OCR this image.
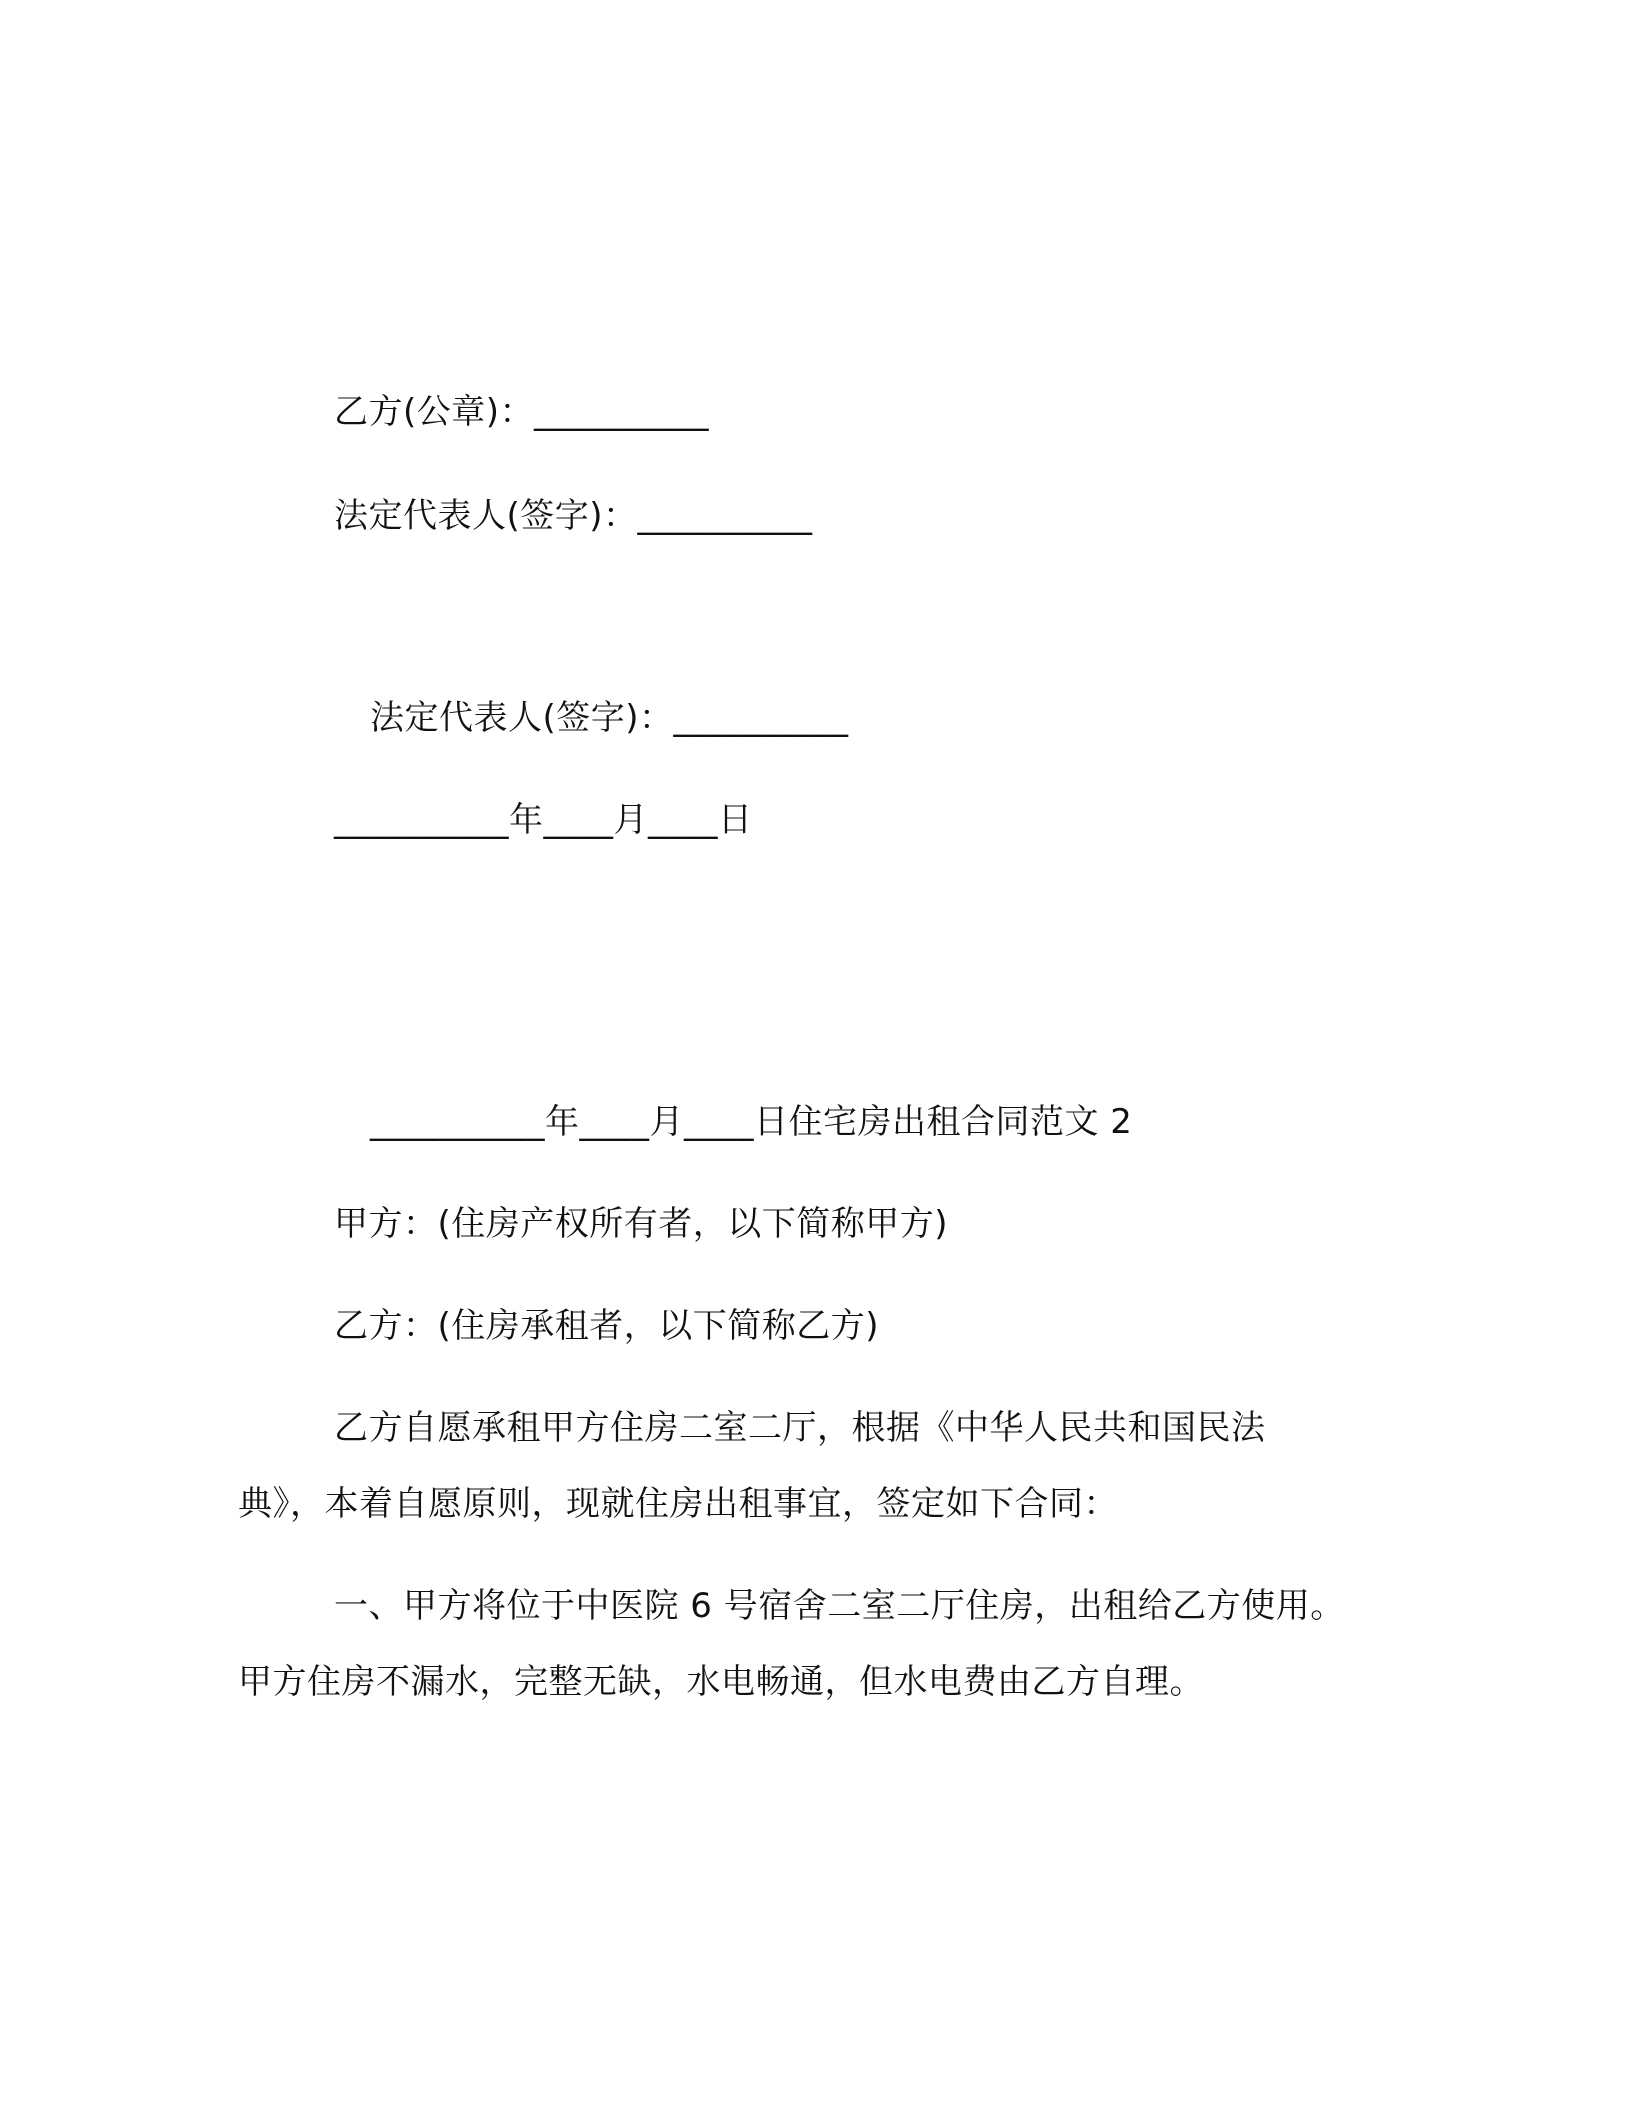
乙方(公章)：__________
法定代表人(签字)：__________
法定代表人(签字)：__________
__________年____月____日
__________年____月____日住宅房出租合同范文 2
甲方：(住房产权所有者，以下简称甲方)
乙方：(住房承租者，以下简称乙方)
乙方自愿承租甲方住房二室二厅，根据《中华人民共和国民法
典》，本着自愿原则，现就住房出租事宜，签定如下合同：
一、甲方将位于中医院 6 号宿舍二室二厅住房，出租给乙方使用。
甲方住房不漏水，完整无缺，水电畅通，但水电费由乙方自理。
